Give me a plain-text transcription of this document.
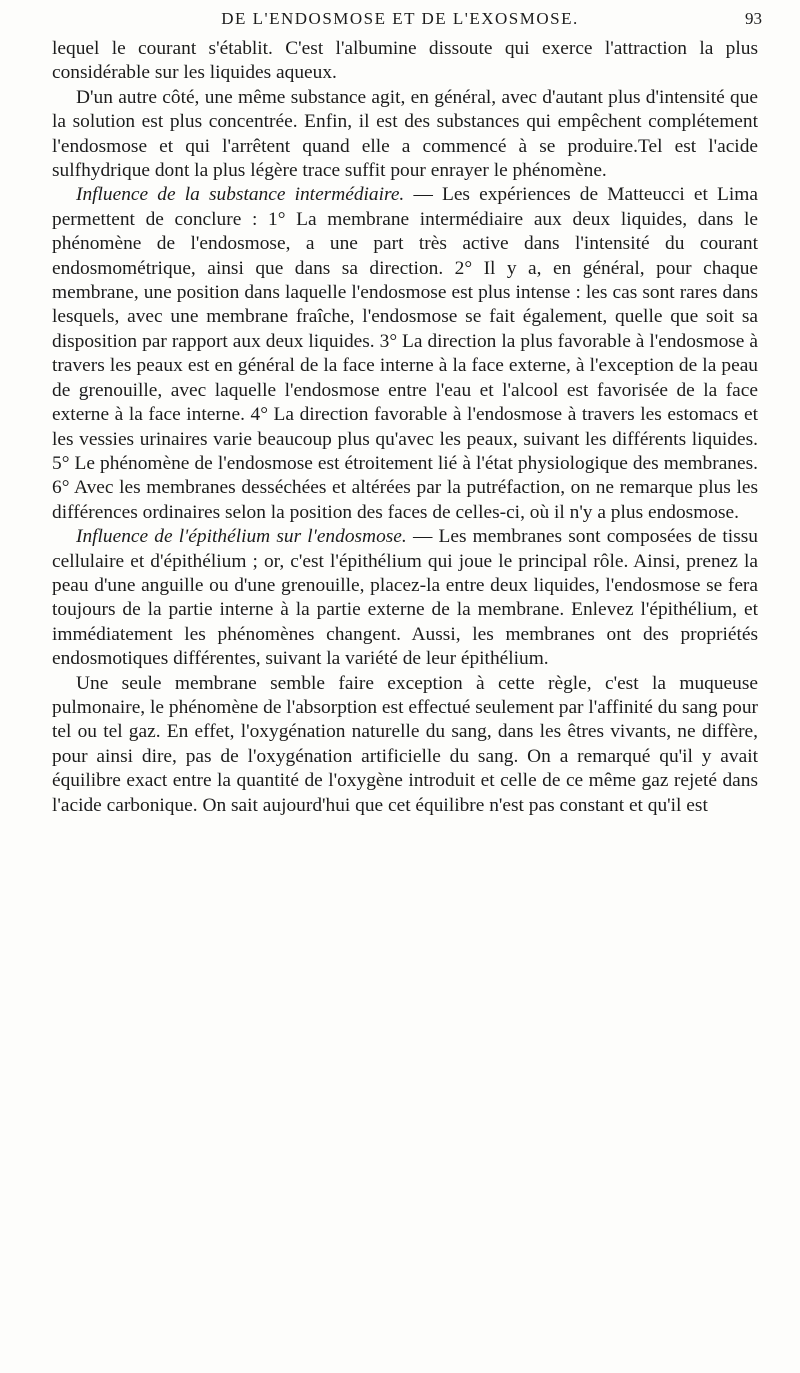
DE L'ENDOSMOSE ET DE L'EXOSMOSE.	93

lequel le courant s'établit. C'est l'albumine dissoute qui exerce l'attraction la plus considérable sur les liquides aqueux.

D'un autre côté, une même substance agit, en général, avec d'autant plus d'intensité que la solution est plus concentrée. Enfin, il est des substances qui empêchent complétement l'endosmose et qui l'arrêtent quand elle a commencé à se produire.Tel est l'acide sulfhydrique dont la plus légère trace suffit pour enrayer le phénomène.

Influence de la substance intermédiaire. — Les expériences de Matteucci et Lima permettent de conclure : 1° La membrane intermédiaire aux deux liquides, dans le phénomène de l'endosmose, a une part très active dans l'intensité du courant endosmométrique, ainsi que dans sa direction. 2° Il y a, en général, pour chaque membrane, une position dans laquelle l'endosmose est plus intense : les cas sont rares dans lesquels, avec une membrane fraîche, l'endosmose se fait également, quelle que soit sa disposition par rapport aux deux liquides. 3° La direction la plus favorable à l'endosmose à travers les peaux est en général de la face interne à la face externe, à l'exception de la peau de grenouille, avec laquelle l'endosmose entre l'eau et l'alcool est favorisée de la face externe à la face interne. 4° La direction favorable à l'endosmose à travers les estomacs et les vessies urinaires varie beaucoup plus qu'avec les peaux, suivant les différents liquides. 5° Le phénomène de l'endosmose est étroitement lié à l'état physiologique des membranes. 6° Avec les membranes desséchées et altérées par la putréfaction, on ne remarque plus les différences ordinaires selon la position des faces de celles-ci, où il n'y a plus endosmose.

Influence de l'épithélium sur l'endosmose. — Les membranes sont composées de tissu cellulaire et d'épithélium ; or, c'est l'épithélium qui joue le principal rôle. Ainsi, prenez la peau d'une anguille ou d'une grenouille, placez-la entre deux liquides, l'endosmose se fera toujours de la partie interne à la partie externe de la membrane. Enlevez l'épithélium, et immédiatement les phénomènes changent. Aussi, les membranes ont des propriétés endosmotiques différentes, suivant la variété de leur épithélium.

Une seule membrane semble faire exception à cette règle, c'est la muqueuse pulmonaire, le phénomène de l'absorption est effectué seulement par l'affinité du sang pour tel ou tel gaz. En effet, l'oxygénation naturelle du sang, dans les êtres vivants, ne diffère, pour ainsi dire, pas de l'oxygénation artificielle du sang. On a remarqué qu'il y avait équilibre exact entre la quantité de l'oxygène introduit et celle de ce même gaz rejeté dans l'acide carbonique. On sait aujourd'hui que cet équilibre n'est pas constant et qu'il est
